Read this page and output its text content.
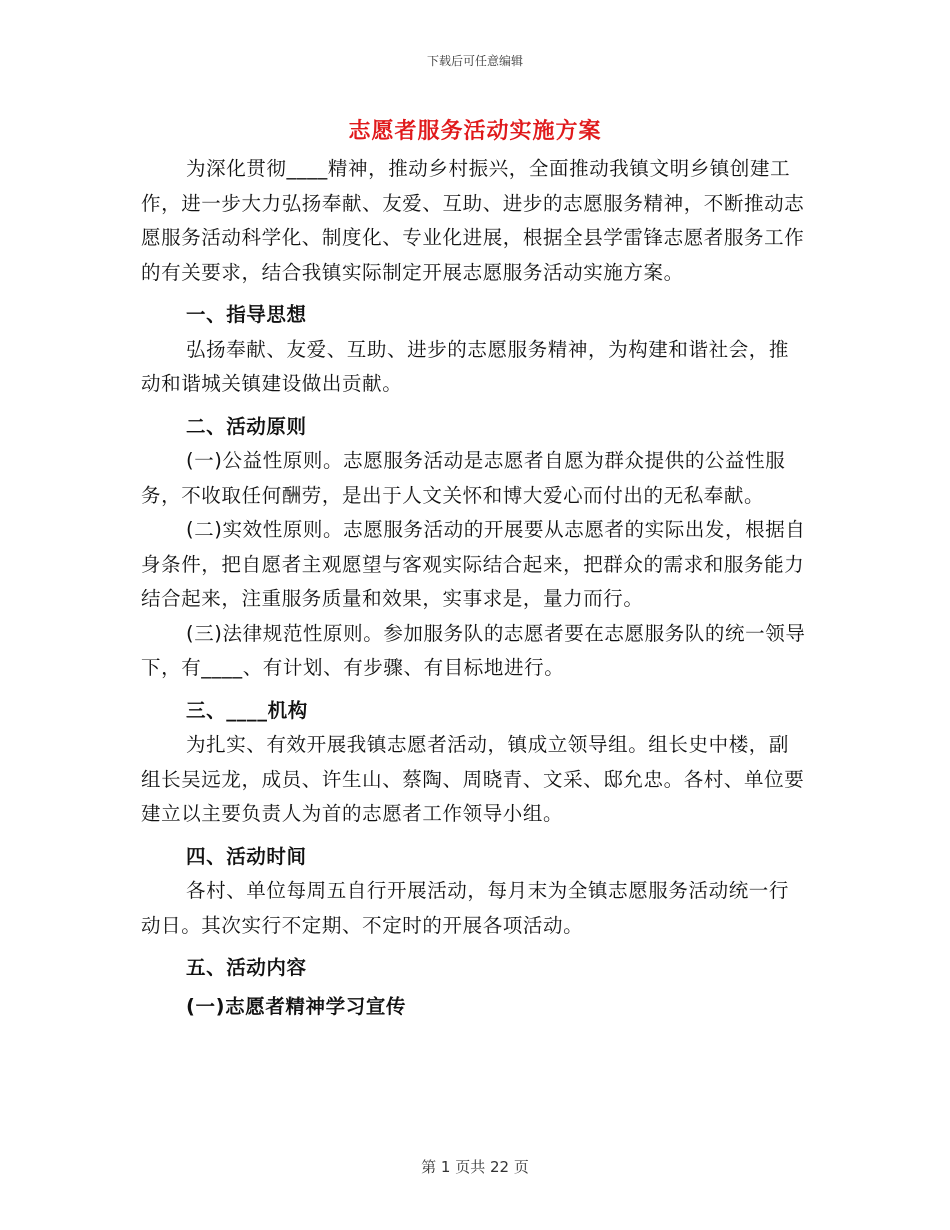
下载后可任意编辑
志愿者服务活动实施方案

为深化贯彻____精神，推动乡村振兴，全面推动我镇文明乡镇创建工作，进一步大力弘扬奉献、友爱、互助、进步的志愿服务精神，不断推动志愿服务活动科学化、制度化、专业化进展，根据全县学雷锋志愿者服务工作的有关要求，结合我镇实际制定开展志愿服务活动实施方案。

一、指导思想

弘扬奉献、友爱、互助、进步的志愿服务精神，为构建和谐社会，推动和谐城关镇建设做出贡献。

二、活动原则

(一)公益性原则。志愿服务活动是志愿者自愿为群众提供的公益性服务，不收取任何酬劳，是出于人文关怀和博大爱心而付出的无私奉献。

(二)实效性原则。志愿服务活动的开展要从志愿者的实际出发，根据自身条件，把自愿者主观愿望与客观实际结合起来，把群众的需求和服务能力结合起来，注重服务质量和效果，实事求是，量力而行。

(三)法律规范性原则。参加服务队的志愿者要在志愿服务队的统一领导下，有____、有计划、有步骤、有目标地进行。

三、____机构

为扎实、有效开展我镇志愿者活动，镇成立领导组。组长史中楼，副组长吴远龙，成员、许生山、蔡陶、周晓青、文采、邸允忠。各村、单位要建立以主要负责人为首的志愿者工作领导小组。

四、活动时间

各村、单位每周五自行开展活动，每月末为全镇志愿服务活动统一行动日。其次实行不定期、不定时的开展各项活动。

五、活动内容

(一)志愿者精神学习宣传

第 1 页共 22 页
